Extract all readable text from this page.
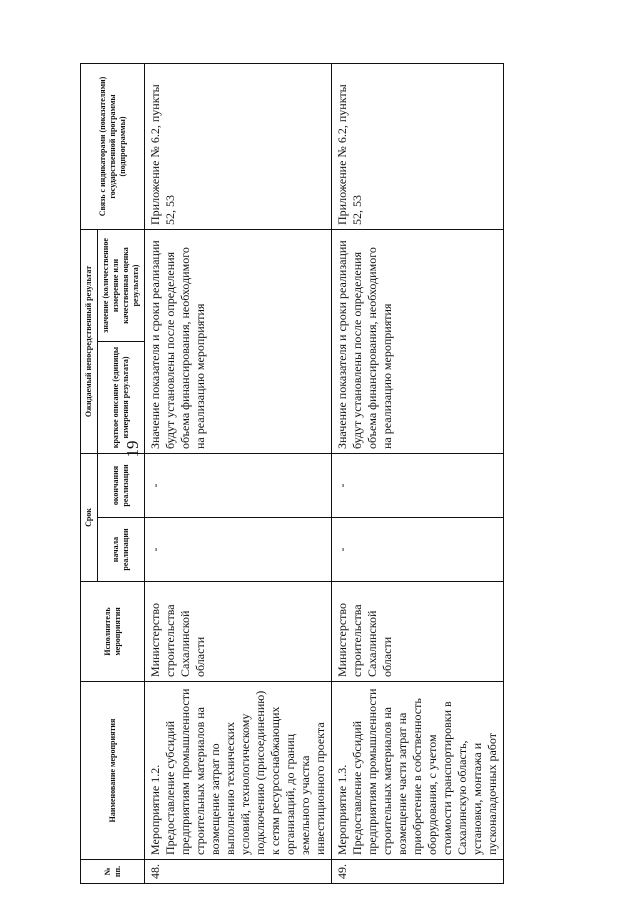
19
№ пп.	Наименование мероприятия	Исполнитель мероприятия	Срок		Ожидаемый непосредственный результат		Связь с индикаторами (показателями) государственной программы (подпрограммы)
			начала реализации	окончания реализации	краткое описание (единицы измерения результата)	значение (количественное измерение или качественная оценка результата)	
48.	Мероприятие 1.2. Предоставление субсидий предприятиям промышленности строительных материалов на возмещение затрат по выполнению технических условий, технологическому подключению (присоединению) к сетям ресурсоснабжающих организаций, до границ земельного участка инвестиционного проекта	Министерство строительства Сахалинской области	-	-	Значение показателя и сроки реализации будут установлены после определения объема финансирования, необходимого на реализацию мероприятия		Приложение № 6.2, пункты 52, 53
49.	Мероприятие 1.3. Предоставление субсидий предприятиям промышленности строительных материалов на возмещение части затрат на приобретение в собственность оборудования, с учетом стоимости транспортировки в Сахалинскую область, установки, монтажа и пусконаладочных работ	Министерство строительства Сахалинской области	-	-	Значение показателя и сроки реализации будут установлены после определения объема финансирования, необходимого на реализацию мероприятия		Приложение № 6.2, пункты 52, 53
